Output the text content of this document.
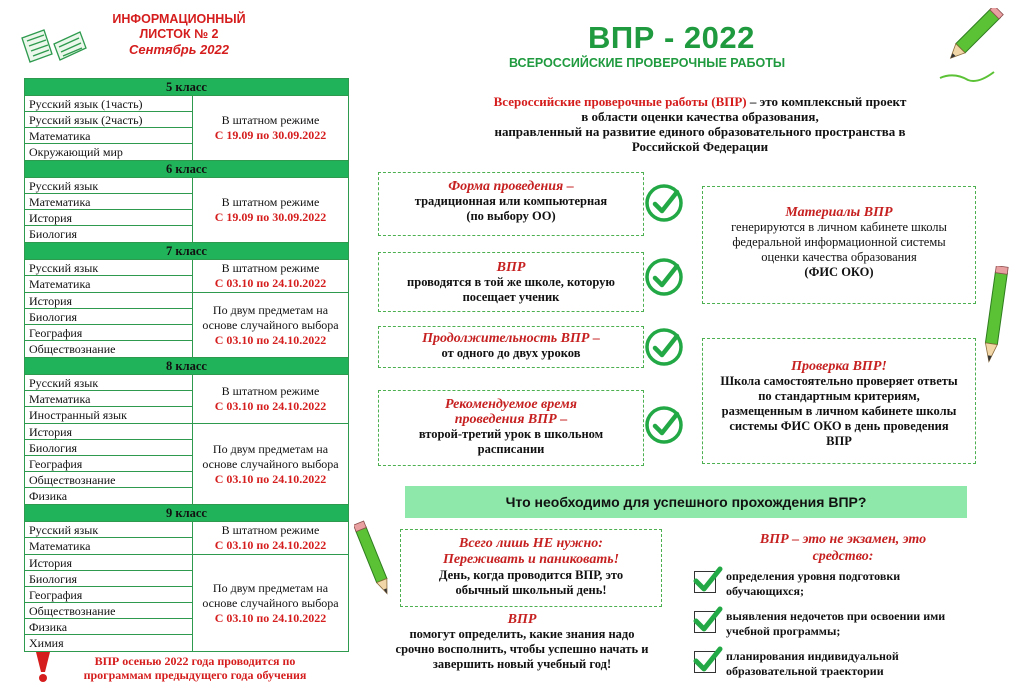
ИНФОРМАЦИОННЫЙ
ЛИСТОК № 2
Сентябрь 2022
5 класс
Русский язык (1часть)
Русский язык (2часть)
Математика
Окружающий мир
В штатном режиме
С 19.09 по 30.09.2022
6 класс
Русский язык
Математика
История
Биология
В штатном режиме
С 19.09 по 30.09.2022
7 класс
Русский язык
Математика
В штатном режиме
С 03.10 по 24.10.2022
История
Биология
География
Обществознание
По двум предметам на основе случайного выбора
С 03.10 по 24.10.2022
8 класс
Русский язык
Математика
Иностранный язык
В штатном режиме
С 03.10 по 24.10.2022
История
Биология
География
Обществознание
Физика
По двум предметам на основе случайного выбора
С 03.10 по 24.10.2022
9 класс
Русский язык
Математика
В штатном режиме
С 03.10 по 24.10.2022
История
Биология
География
Обществознание
Физика
Химия
По двум предметам на основе случайного выбора
С 03.10 по 24.10.2022
ВПР осенью 2022 года проводится по
программам предыдущего года обучения
ВПР - 2022
ВСЕРОССИЙСКИЕ ПРОВЕРОЧНЫЕ РАБОТЫ
Всероссийские проверочные работы (ВПР) – это комплексный проект
в области оценки качества образования,
направленный на развитие единого образовательного пространства в
Российской Федерации
Форма проведения –
традиционная или компьютерная
(по выбору ОО)
ВПР
проводятся в той же школе, которую
посещает ученик
Продолжительность ВПР –
от одного до двух уроков
Рекомендуемое время
проведения ВПР –
второй-третий урок в школьном
расписании
Материалы ВПР
генерируются в личном кабинете школы
федеральной информационной системы
оценки качества образования
(ФИС ОКО)
Проверка ВПР!
Школа самостоятельно проверяет ответы
по стандартным критериям,
размещенным в личном кабинете школы
системы ФИС ОКО в день проведения
ВПР
Что необходимо для успешного прохождения ВПР?
Всего лишь НЕ нужно:
Переживать и паниковать!
День, когда проводится ВПР, это
обычный школьный день!
ВПР
помогут определить, какие знания надо
срочно восполнить, чтобы успешно начать и
завершить новый учебный год!
ВПР – это не экзамен, это
средство:
определения уровня подготовки
обучающихся;
выявления недочетов при освоении ими
учебной программы;
планирования индивидуальной
образовательной траектории
